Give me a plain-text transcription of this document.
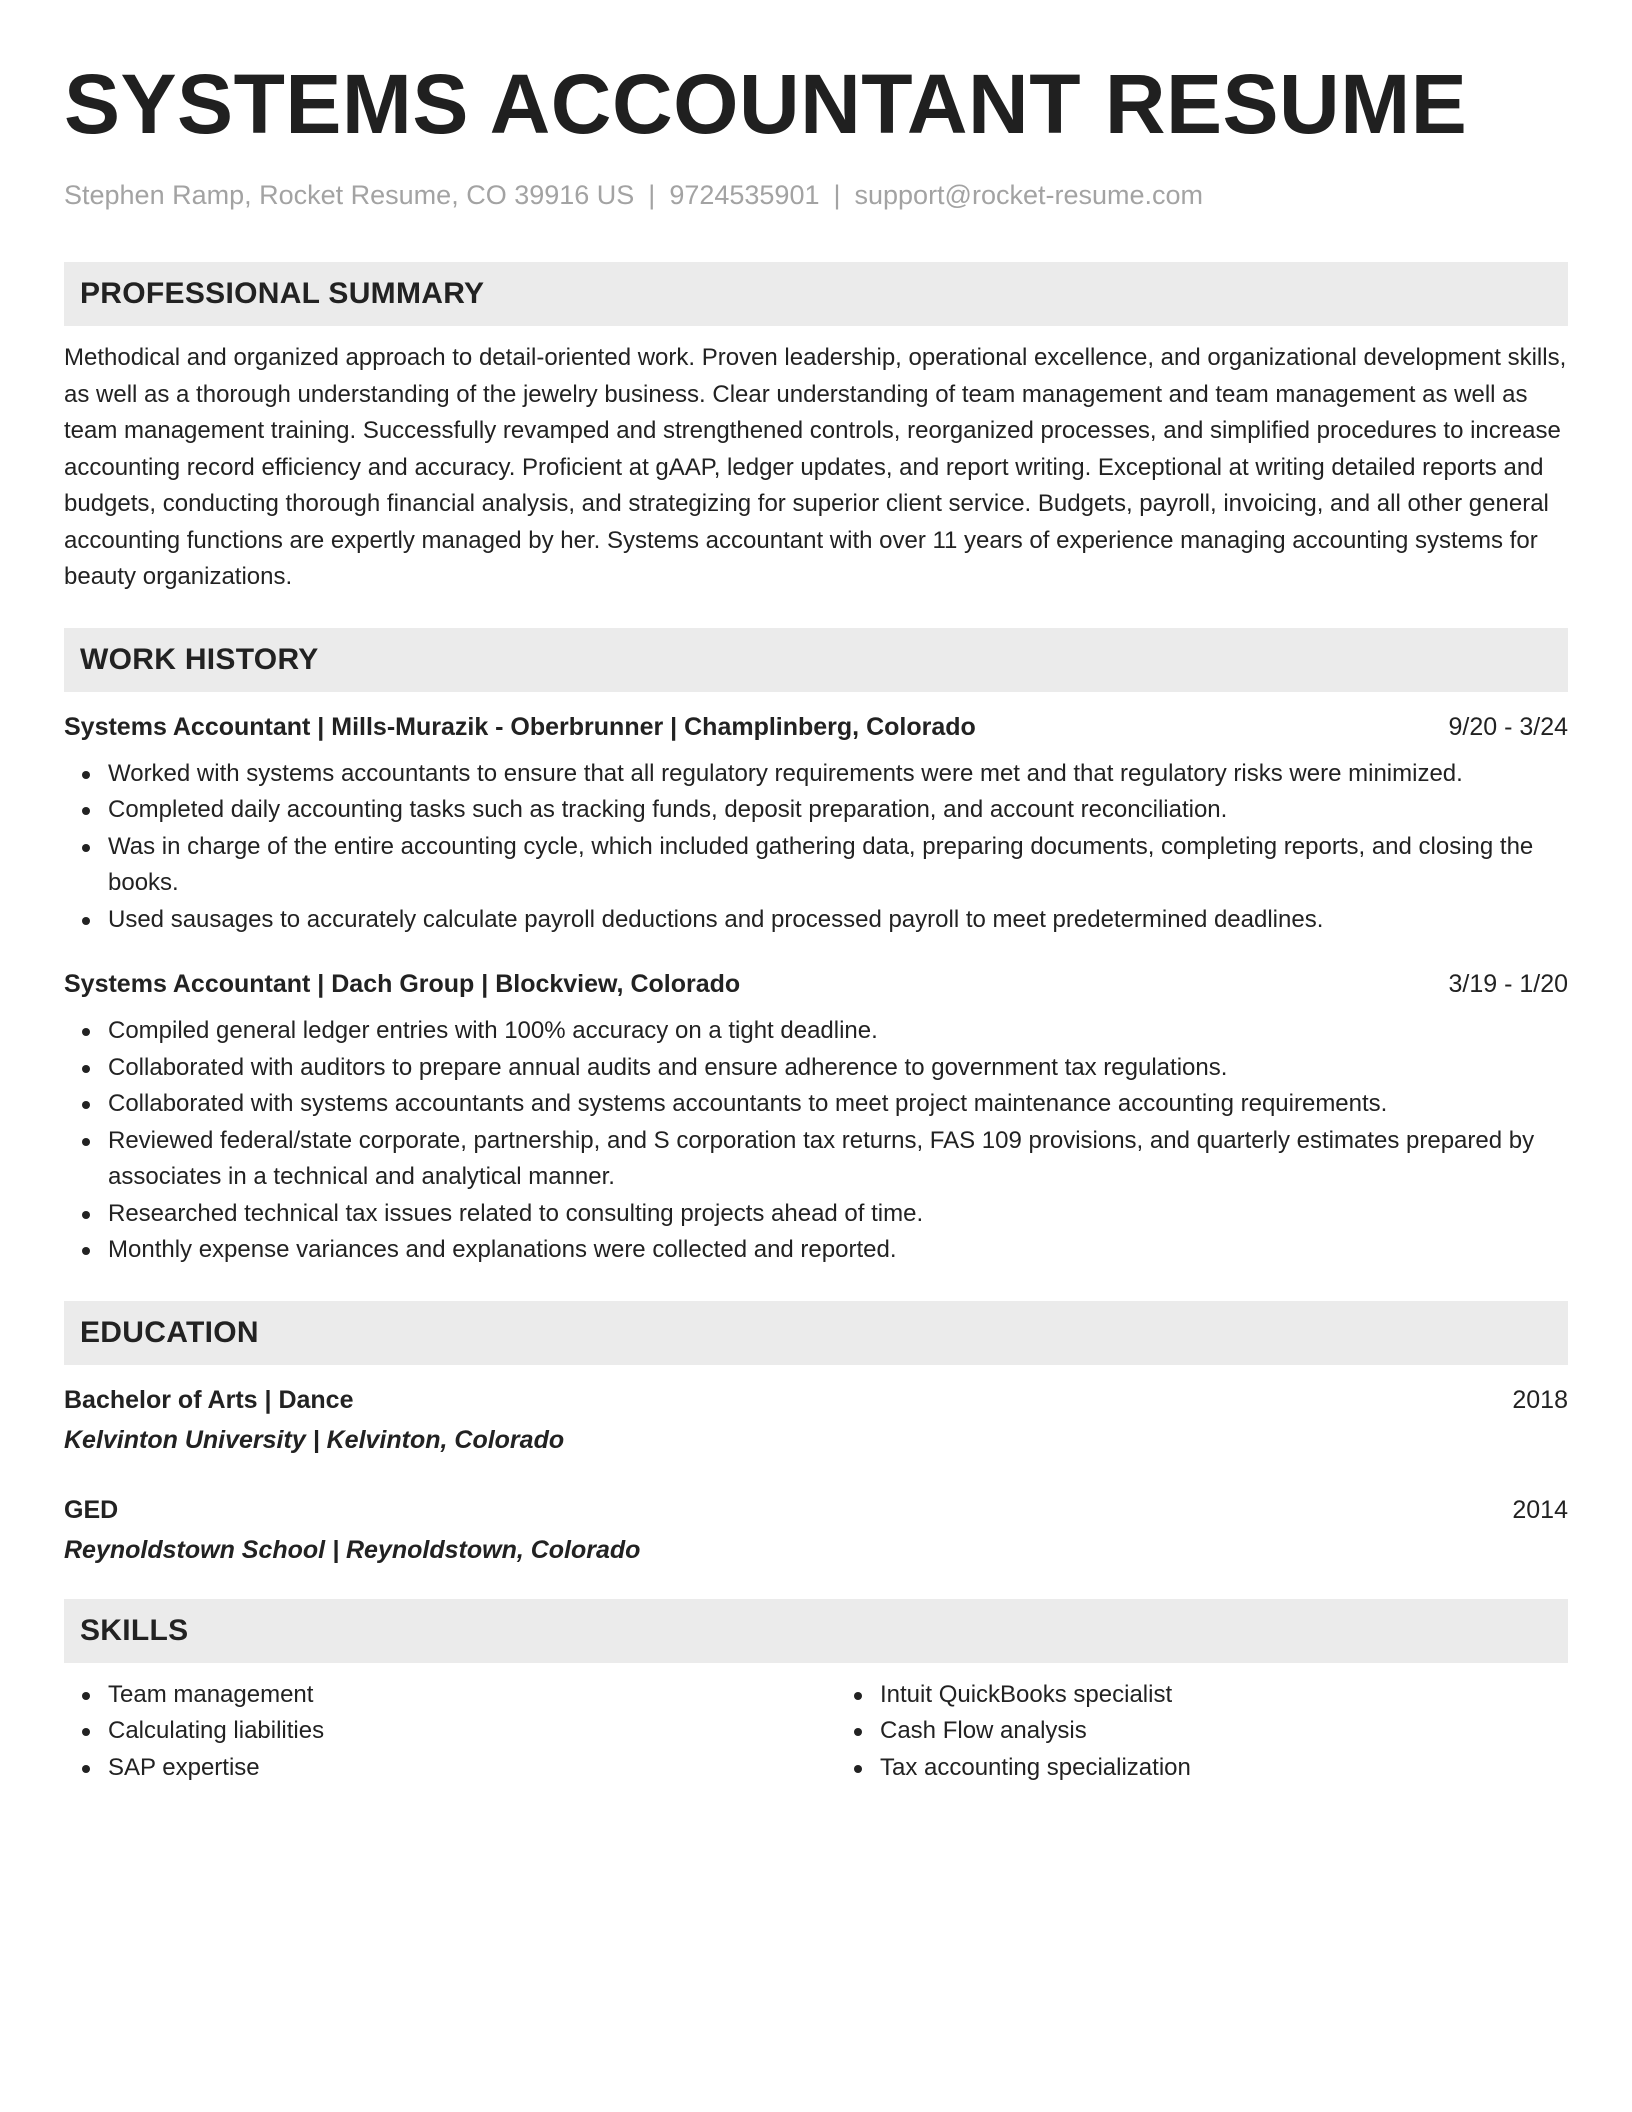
SYSTEMS ACCOUNTANT RESUME
Stephen Ramp, Rocket Resume, CO 39916 US | 9724535901 | support@rocket-resume.com
PROFESSIONAL SUMMARY

Methodical and organized approach to detail-oriented work. Proven leadership, operational excellence, and organizational development skills, as well as a thorough understanding of the jewelry business. Clear understanding of team management and team management as well as team management training. Successfully revamped and strengthened controls, reorganized processes, and simplified procedures to increase accounting record efficiency and accuracy. Proficient at gAAP, ledger updates, and report writing. Exceptional at writing detailed reports and budgets, conducting thorough financial analysis, and strategizing for superior client service. Budgets, payroll, invoicing, and all other general accounting functions are expertly managed by her. Systems accountant with over 11 years of experience managing accounting systems for beauty organizations.

WORK HISTORY
Systems Accountant | Mills-Murazik - Oberbrunner | Champlinberg, Colorado	9/20 - 3/24
Worked with systems accountants to ensure that all regulatory requirements were met and that regulatory risks were minimized.
Completed daily accounting tasks such as tracking funds, deposit preparation, and account reconciliation.
Was in charge of the entire accounting cycle, which included gathering data, preparing documents, completing reports, and closing the books.
Used sausages to accurately calculate payroll deductions and processed payroll to meet predetermined deadlines.
Systems Accountant | Dach Group | Blockview, Colorado	3/19 - 1/20
Compiled general ledger entries with 100% accuracy on a tight deadline.
Collaborated with auditors to prepare annual audits and ensure adherence to government tax regulations.
Collaborated with systems accountants and systems accountants to meet project maintenance accounting requirements.
Reviewed federal/state corporate, partnership, and S corporation tax returns, FAS 109 provisions, and quarterly estimates prepared by associates in a technical and analytical manner.
Researched technical tax issues related to consulting projects ahead of time.
Monthly expense variances and explanations were collected and reported.
EDUCATION
Bachelor of Arts | Dance	2018
Kelvinton University | Kelvinton, Colorado
GED	2014
Reynoldstown School | Reynoldstown, Colorado
SKILLS
Team management
Calculating liabilities
SAP expertise
Intuit QuickBooks specialist
Cash Flow analysis
Tax accounting specialization
